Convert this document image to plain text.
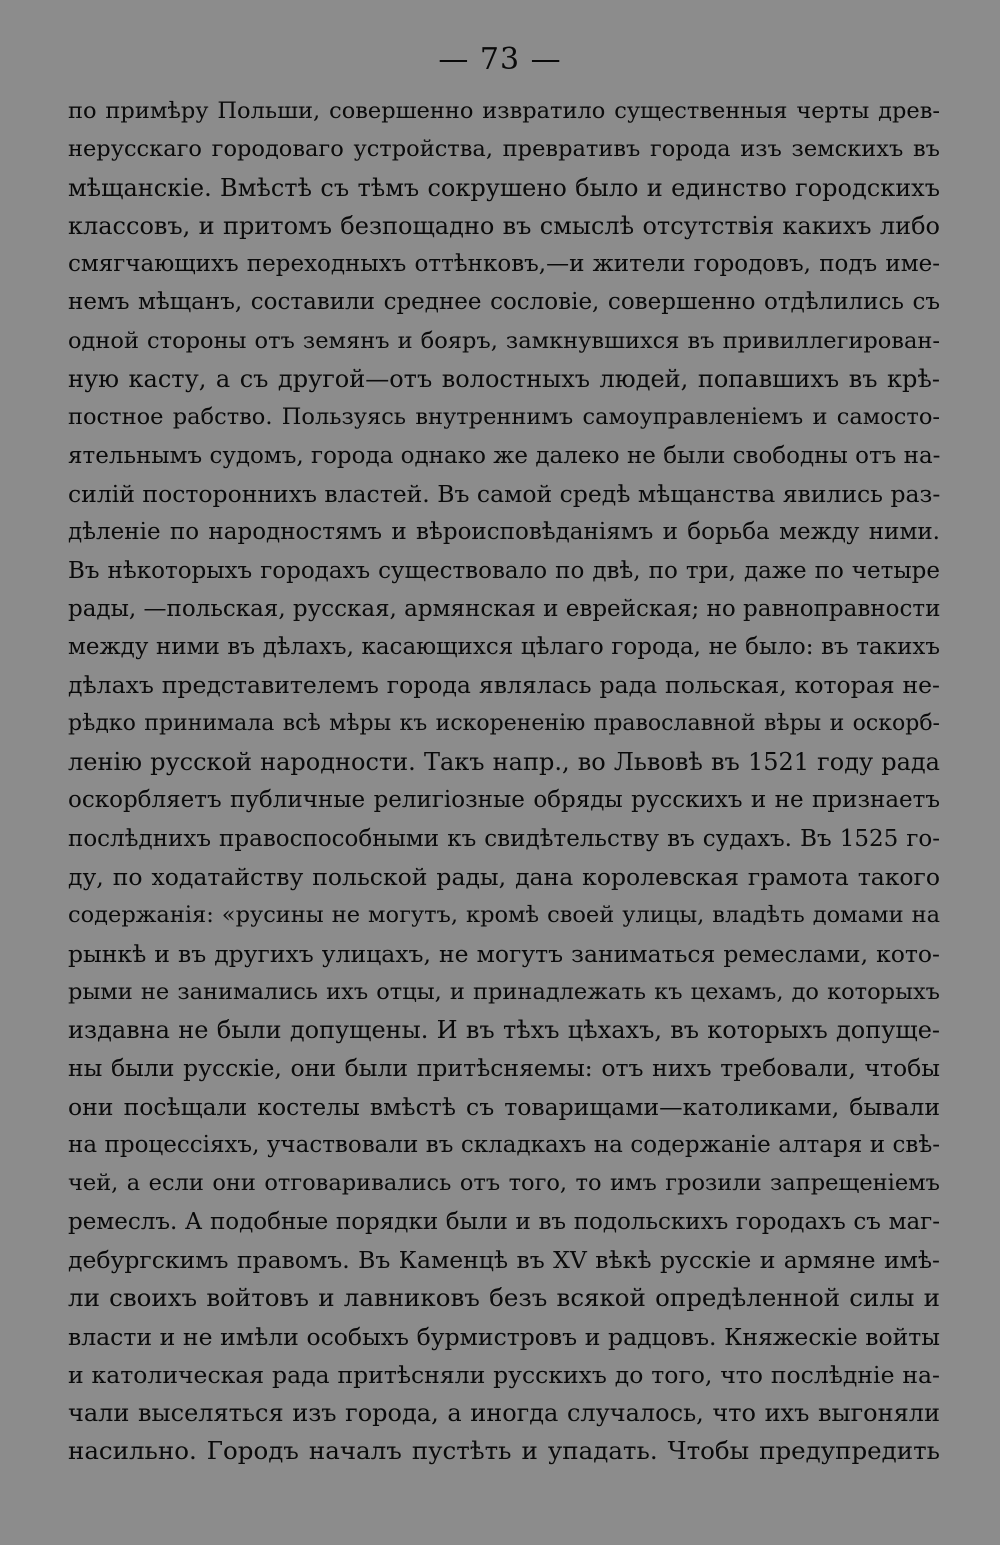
— 73 —
по примѣру Польши, совершенно извратило существенныя черты древ-
нерусскаго городоваго устройства, превративъ города изъ земскихъ въ
мѣщанскіе. Вмѣстѣ съ тѣмъ сокрушено было и единство городскихъ
классовъ, и притомъ безпощадно въ смыслѣ отсутствія какихъ либо
смягчающихъ переходныхъ оттѣнковъ,—и жители городовъ, подъ име-
немъ мѣщанъ, составили среднее сословіе, совершенно отдѣлились съ
одной стороны отъ земянъ и бояръ, замкнувшихся въ привиллегирован-
ную касту, а съ другой—отъ волостныхъ людей, попавшихъ въ крѣ-
постное рабство. Пользуясь внутреннимъ самоуправленіемъ и самосто-
ятельнымъ судомъ, города однако же далеко не были свободны отъ на-
силій постороннихъ властей. Въ самой средѣ мѣщанства явились раз-
дѣленіе по народностямъ и вѣроисповѣданіямъ и борьба между ними.
Въ нѣкоторыхъ городахъ существовало по двѣ, по три, даже по четыре
рады, —польская, русская, армянская и еврейская; но равноправности
между ними въ дѣлахъ, касающихся цѣлаго города, не было: въ такихъ
дѣлахъ представителемъ города являлась рада польская, которая не-
рѣдко принимала всѣ мѣры къ искорененію православной вѣры и оскорб-
ленію русской народности. Такъ напр., во Львовѣ въ 1521 году рада
оскорбляетъ публичные религіозные обряды русскихъ и не признаетъ
послѣднихъ правоспособными къ свидѣтельству въ судахъ. Въ 1525 го-
ду, по ходатайству польской рады, дана королевская грамота такого
содержанія: «русины не могутъ, кромѣ своей улицы, владѣть домами на
рынкѣ и въ другихъ улицахъ, не могутъ заниматься ремеслами, кото-
рыми не занимались ихъ отцы, и принадлежать къ цехамъ, до которыхъ
издавна не были допущены. И въ тѣхъ цѣхахъ, въ которыхъ допуще-
ны были русскіе, они были притѣсняемы: отъ нихъ требовали, чтобы
они посѣщали костелы вмѣстѣ съ товарищами—католиками, бывали
на процессіяхъ, участвовали въ складкахъ на содержаніе алтаря и свѣ-
чей, а если они отговаривались отъ того, то имъ грозили запрещеніемъ
ремеслъ. А подобные порядки были и въ подольскихъ городахъ съ маг-
дебургскимъ правомъ. Въ Каменцѣ въ XV вѣкѣ русскіе и армяне имѣ-
ли своихъ войтовъ и лавниковъ безъ всякой опредѣленной силы и
власти и не имѣли особыхъ бурмистровъ и радцовъ. Княжескіе войты
и католическая рада притѣсняли русскихъ до того, что послѣдніе на-
чали выселяться изъ города, а иногда случалось, что ихъ выгоняли
насильно. Городъ началъ пустѣть и упадать. Чтобы предупредить
